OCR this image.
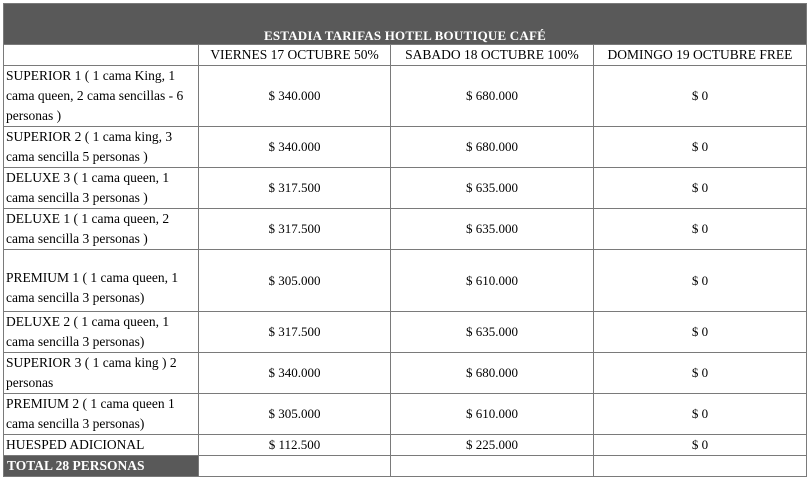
ESTADIA TARIFAS HOTEL BOUTIQUE CAFÉ			
	VIERNES 17 OCTUBRE 50%	SABADO 18 OCTUBRE 100%	DOMINGO 19 OCTUBRE FREE
SUPERIOR 1 ( 1 cama King, 1 cama queen, 2 cama sencillas - 6 personas )	$ 340.000	$ 680.000	$ 0
SUPERIOR 2 ( 1 cama king, 3 cama sencilla 5 personas )	$ 340.000	$ 680.000	$ 0
DELUXE 3 ( 1 cama queen, 1 cama sencilla 3 personas )	$ 317.500	$ 635.000	$ 0
DELUXE 1 ( 1 cama queen, 2 cama sencilla 3 personas )	$ 317.500	$ 635.000	$ 0
PREMIUM 1 ( 1 cama queen, 1 cama sencilla 3 personas)	$ 305.000	$ 610.000	$ 0
DELUXE 2 ( 1 cama queen, 1 cama sencilla 3 personas)	$ 317.500	$ 635.000	$ 0
SUPERIOR 3 ( 1 cama king ) 2 personas	$ 340.000	$ 680.000	$ 0
PREMIUM 2 ( 1 cama queen 1 cama sencilla 3 personas)	$ 305.000	$ 610.000	$ 0
HUESPED ADICIONAL	$ 112.500	$ 225.000	$ 0
TOTAL 28 PERSONAS			
